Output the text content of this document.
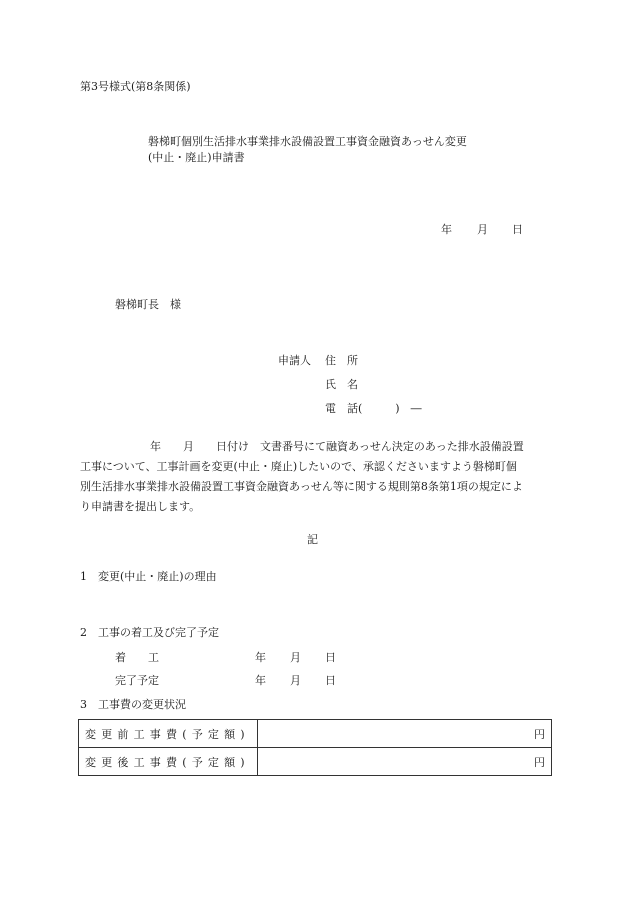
第3号様式(第8条関係)
磐梯町個別生活排水事業排水設備設置工事資金融資あっせん変更
(中止・廃止)申請書
年 月 日
磐梯町長　様
申請人 住　所
氏　名
電　話(　　　)　―
年　　月　　日付け　文書番号にて融資あっせん決定のあった排水設備設置
工事について、工事計画を変更(中止・廃止)したいので、承認くださいますよう磐梯町個
別生活排水事業排水設備設置工事資金融資あっせん等に関する規則第8条第1項の規定によ
り申請書を提出します。
記
1　変更(中止・廃止)の理由
2　工事の着工及び完了予定
着　　工	年 月 日
完了予定	年 月 日
3　工事費の変更状況
変更前工事費(予定額)	円
変更後工事費(予定額)	円
